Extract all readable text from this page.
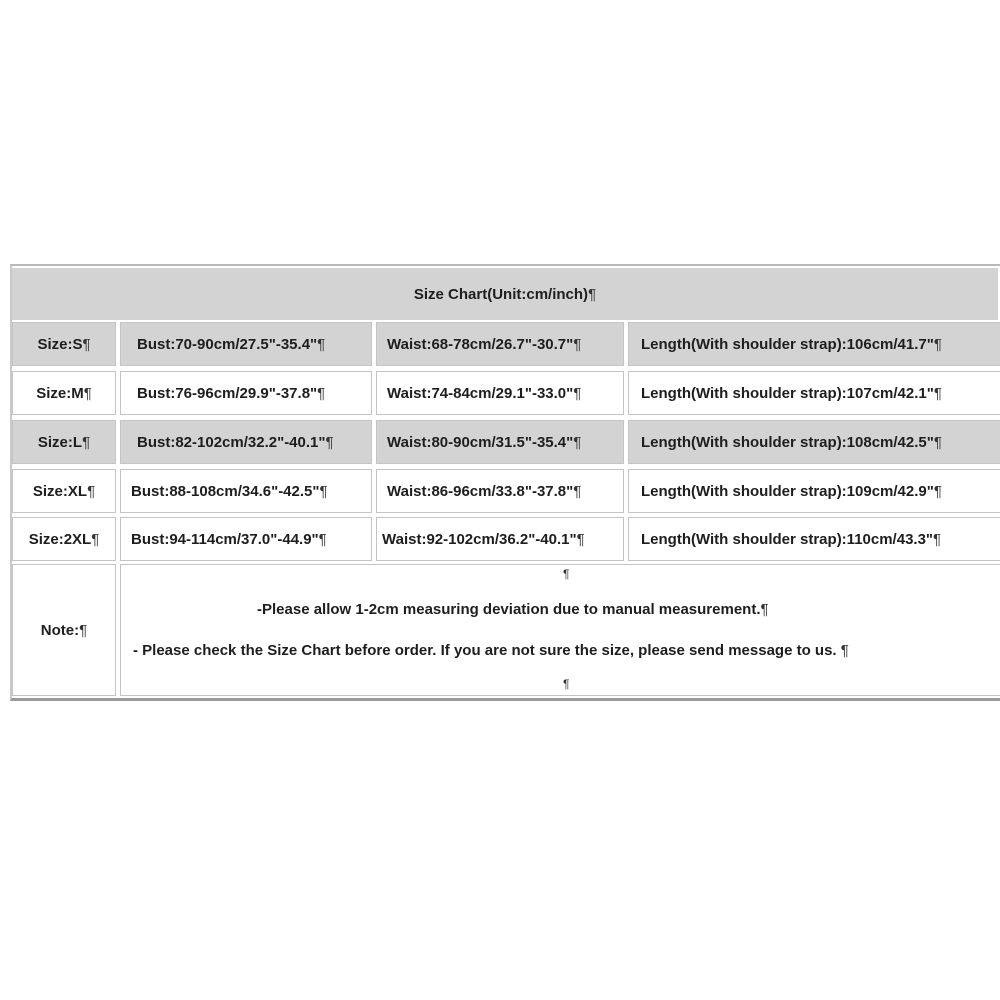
Size Chart(Unit:cm/inch) ¶
Size:S ¶	Bust:70-90cm/27.5"-35.4" ¶	Waist:68-78cm/26.7"-30.7" ¶	Length(With shoulder strap):106cm/41.7" ¶
Size:M ¶	Bust:76-96cm/29.9"-37.8" ¶	Waist:74-84cm/29.1"-33.0" ¶	Length(With shoulder strap):107cm/42.1" ¶
Size:L ¶	Bust:82-102cm/32.2"-40.1" ¶	Waist:80-90cm/31.5"-35.4" ¶	Length(With shoulder strap):108cm/42.5" ¶
Size:XL ¶ Bust:88-108cm/34.6"-42.5" ¶	Waist:86-96cm/33.8"-37.8" ¶	Length(With shoulder strap):109cm/42.9" ¶
Size:2XL ¶ Bust:94-114cm/37.0"-44.9" ¶	Waist:92-102cm/36.2"-40.1" ¶	Length(With shoulder strap):110cm/43.3" ¶
Note: ¶
¶
-Please allow 1-2cm measuring deviation due to manual measurement.¶
- Please check the Size Chart before order. If you are not sure the size, please send message to us. ¶
¶
